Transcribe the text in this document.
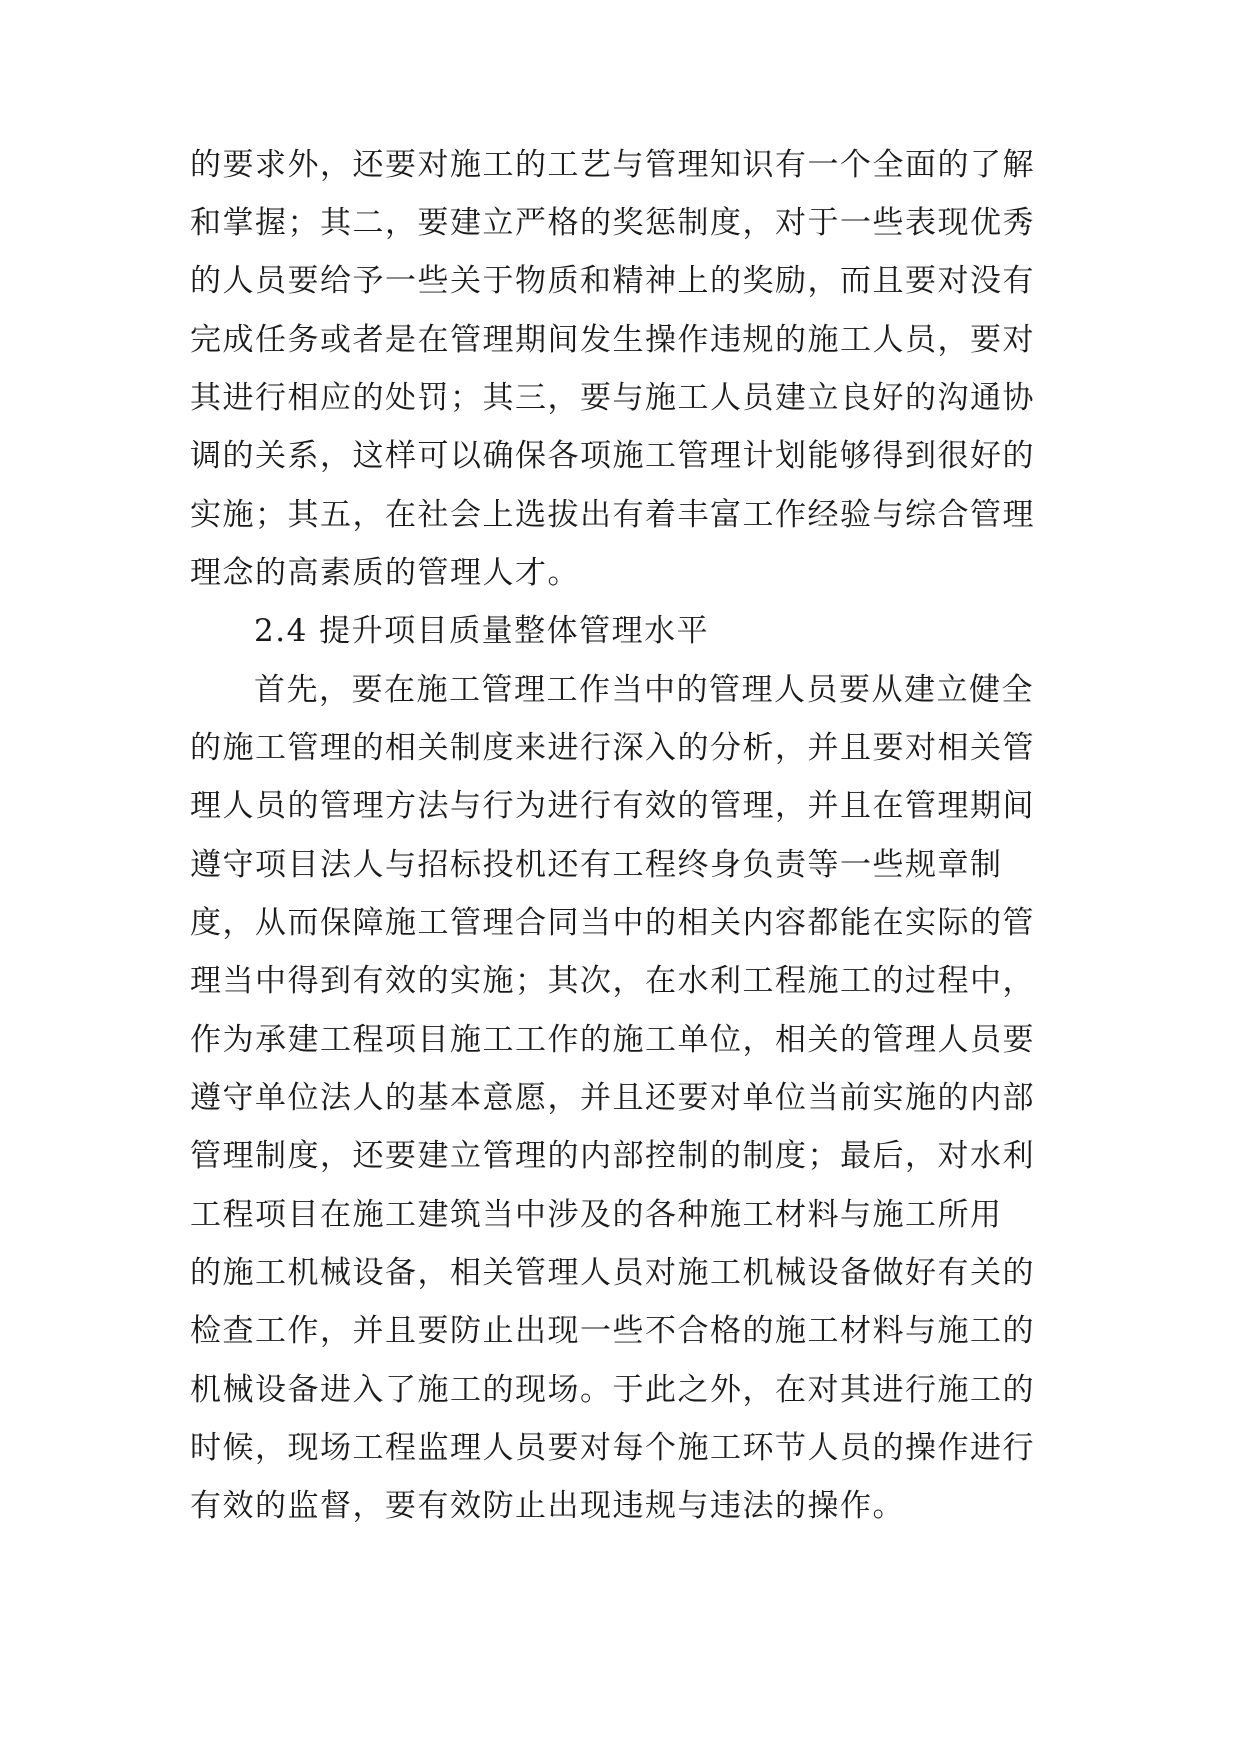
的要求外，还要对施工的工艺与管理知识有一个全面的了解
和掌握；其二，要建立严格的奖惩制度，对于一些表现优秀
的人员要给予一些关于物质和精神上的奖励，而且要对没有
完成任务或者是在管理期间发生操作违规的施工人员，要对
其进行相应的处罚；其三，要与施工人员建立良好的沟通协
调的关系，这样可以确保各项施工管理计划能够得到很好的
实施；其五，在社会上选拔出有着丰富工作经验与综合管理
理念的高素质的管理人才。
2.4 提升项目质量整体管理水平
首先，要在施工管理工作当中的管理人员要从建立健全
的施工管理的相关制度来进行深入的分析，并且要对相关管
理人员的管理方法与行为进行有效的管理，并且在管理期间
遵守项目法人与招标投机还有工程终身负责等一些规章制
度，从而保障施工管理合同当中的相关内容都能在实际的管
理当中得到有效的实施；其次，在水利工程施工的过程中，
作为承建工程项目施工工作的施工单位，相关的管理人员要
遵守单位法人的基本意愿，并且还要对单位当前实施的内部
管理制度，还要建立管理的内部控制的制度；最后，对水利
工程项目在施工建筑当中涉及的各种施工材料与施工所用
的施工机械设备，相关管理人员对施工机械设备做好有关的
检查工作，并且要防止出现一些不合格的施工材料与施工的
机械设备进入了施工的现场。于此之外，在对其进行施工的
时候，现场工程监理人员要对每个施工环节人员的操作进行
有效的监督，要有效防止出现违规与违法的操作。
